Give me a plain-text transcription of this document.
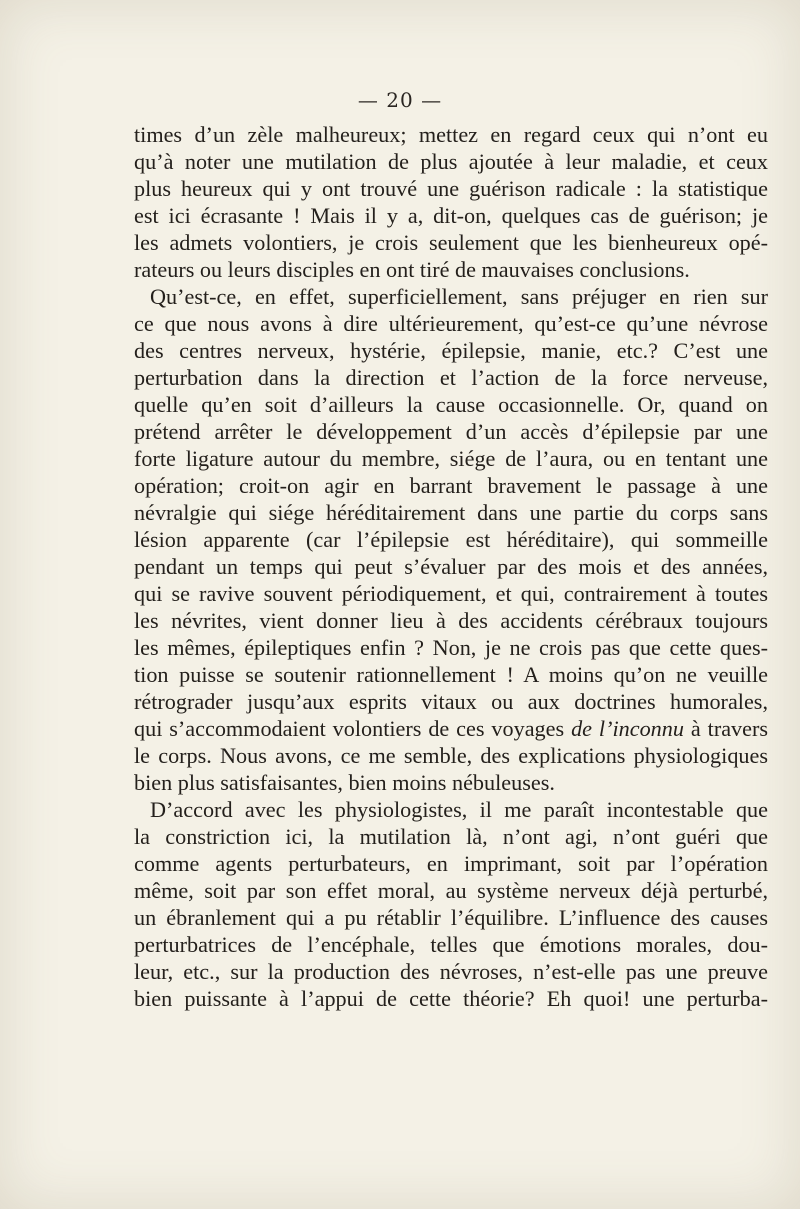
— 20 —
times d’un zèle malheureux; mettez en regard ceux qui n’ont eu
qu’à noter une mutilation de plus ajoutée à leur maladie, et ceux
plus heureux qui y ont trouvé une guérison radicale : la statistique
est ici écrasante ! Mais il y a, dit-on, quelques cas de guérison; je
les admets volontiers, je crois seulement que les bienheureux opé-
rateurs ou leurs disciples en ont tiré de mauvaises conclusions.
Qu’est-ce, en effet, superficiellement, sans préjuger en rien sur
ce que nous avons à dire ultérieurement, qu’est-ce qu’une névrose
des centres nerveux, hystérie, épilepsie, manie, etc.? C’est une
perturbation dans la direction et l’action de la force nerveuse,
quelle qu’en soit d’ailleurs la cause occasionnelle. Or, quand on
prétend arrêter le développement d’un accès d’épilepsie par une
forte ligature autour du membre, siége de l’aura, ou en tentant une
opération; croit-on agir en barrant bravement le passage à une
névralgie qui siége héréditairement dans une partie du corps sans
lésion apparente (car l’épilepsie est héréditaire), qui sommeille
pendant un temps qui peut s’évaluer par des mois et des années,
qui se ravive souvent périodiquement, et qui, contrairement à toutes
les névrites, vient donner lieu à des accidents cérébraux toujours
les mêmes, épileptiques enfin ? Non, je ne crois pas que cette ques-
tion puisse se soutenir rationnellement ! A moins qu’on ne veuille
rétrograder jusqu’aux esprits vitaux ou aux doctrines humorales,
qui s’accommodaient volontiers de ces voyages de l’inconnu à travers
le corps. Nous avons, ce me semble, des explications physiologiques
bien plus satisfaisantes, bien moins nébuleuses.
D’accord avec les physiologistes, il me paraît incontestable que
la constriction ici, la mutilation là, n’ont agi, n’ont guéri que
comme agents perturbateurs, en imprimant, soit par l’opération
même, soit par son effet moral, au système nerveux déjà perturbé,
un ébranlement qui a pu rétablir l’équilibre. L’influence des causes
perturbatrices de l’encéphale, telles que émotions morales, dou-
leur, etc., sur la production des névroses, n’est-elle pas une preuve
bien puissante à l’appui de cette théorie? Eh quoi! une perturba-
